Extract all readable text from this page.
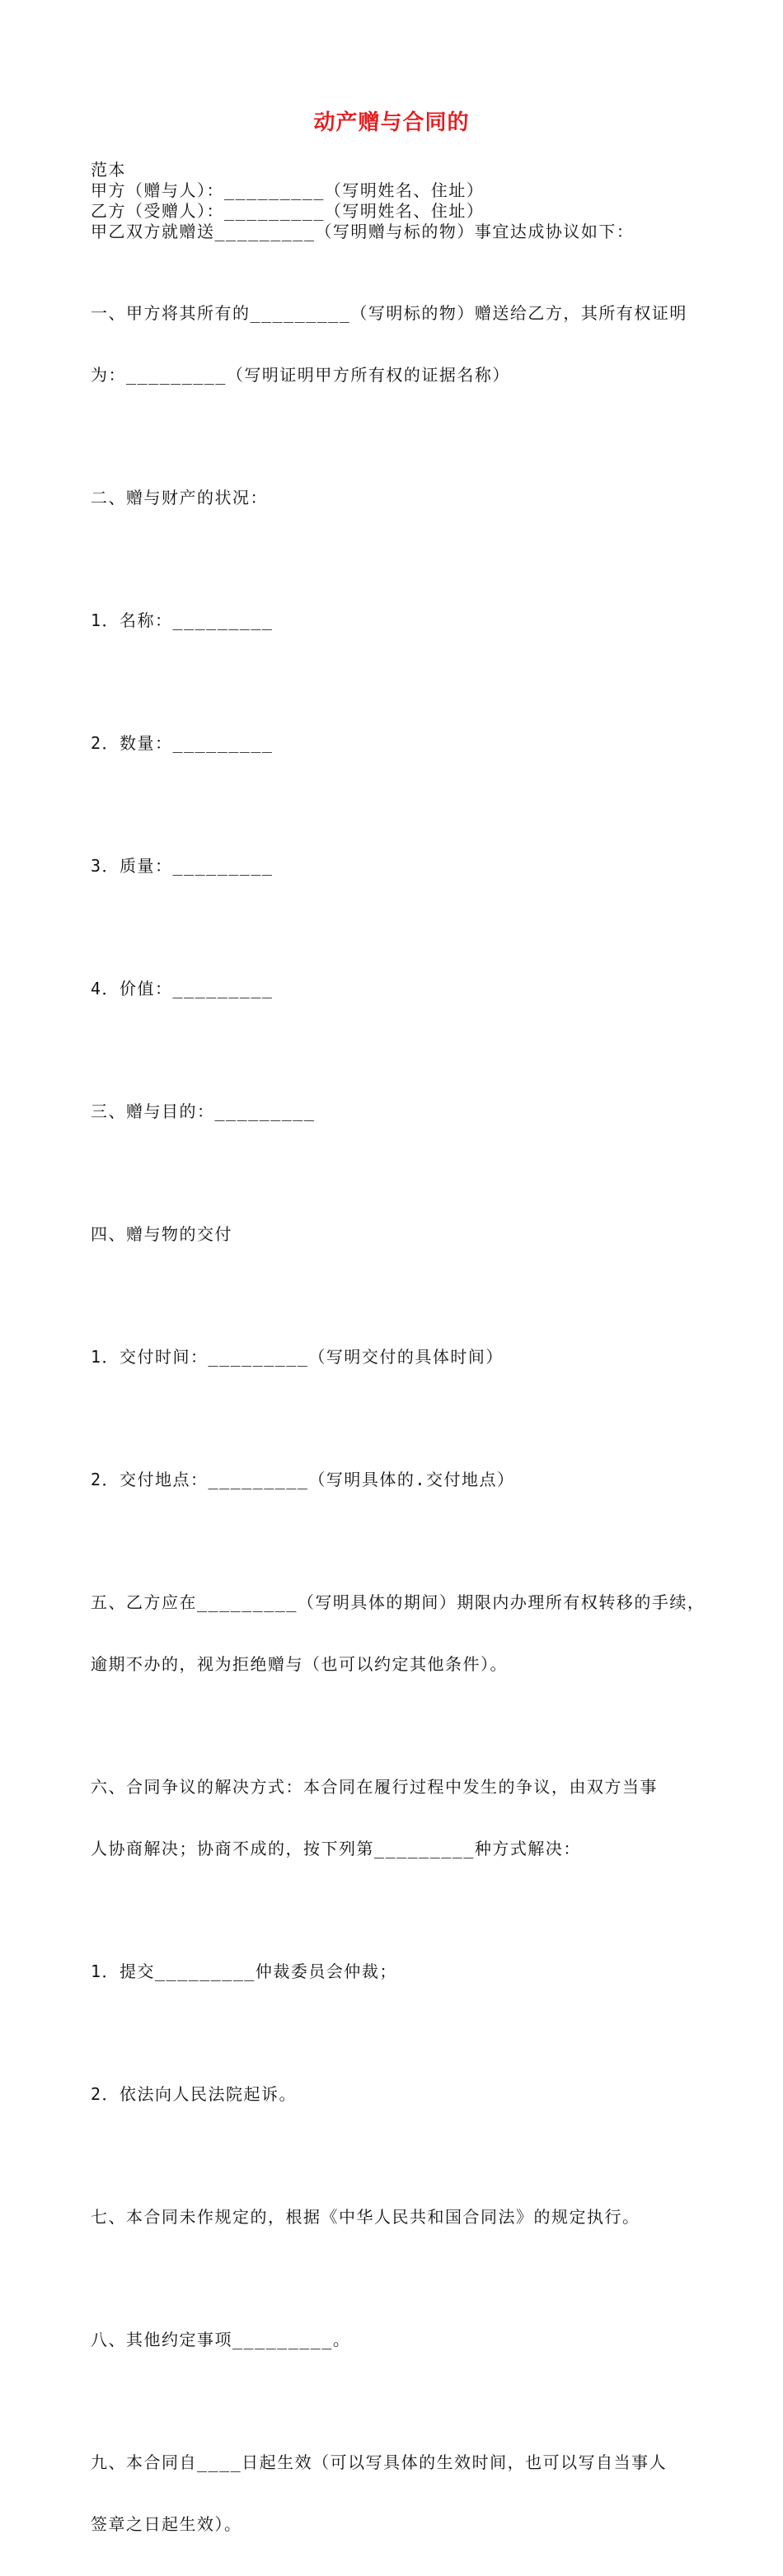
动产赠与合同的
范本
甲方（赠与人）：_________（写明姓名、住址）
乙方（受赠人）：_________（写明姓名、住址）
甲乙双方就赠送_________（写明赠与标的物）事宜达成协议如下：

一、甲方将其所有的_________（写明标的物）赠送给乙方，其所有权证明

为：_________（写明证明甲方所有权的证据名称）

二、赠与财产的状况：

1．名称：_________

2．数量：_________

3．质量：_________

4．价值：_________

三、赠与目的：_________

四、赠与物的交付

1．交付时间：_________（写明交付的具体时间）

2．交付地点：_________（写明具体的.交付地点）

五、乙方应在_________（写明具体的期间）期限内办理所有权转移的手续，

逾期不办的，视为拒绝赠与（也可以约定其他条件）。

六、合同争议的解决方式：本合同在履行过程中发生的争议，由双方当事

人协商解决；协商不成的，按下列第_________种方式解决：

1．提交_________仲裁委员会仲裁；

2．依法向人民法院起诉。

七、本合同未作规定的，根据《中华人民共和国合同法》的规定执行。

八、其他约定事项_________。

九、本合同自____日起生效（可以写具体的生效时间，也可以写自当事人

签章之日起生效）。
